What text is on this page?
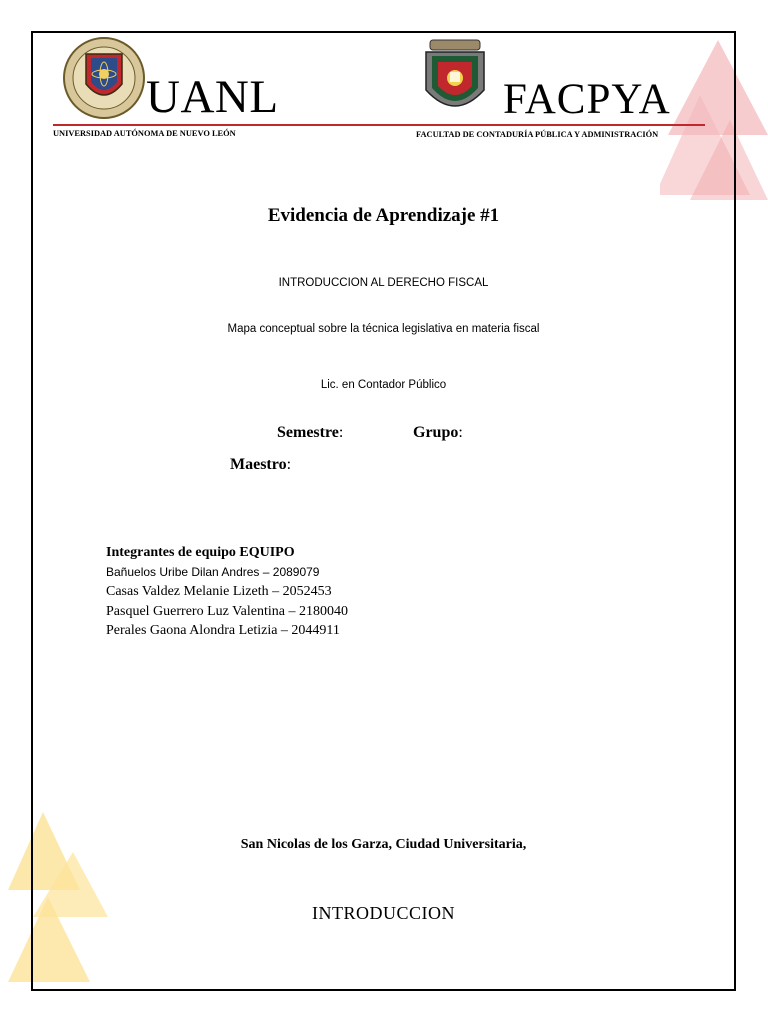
UANL
UNIVERSIDAD AUTÓNOMA DE NUEVO LEÓN
FACPYA
FACULTAD DE CONTADURÍA PÚBLICA Y ADMINISTRACIÓN
Evidencia de Aprendizaje #1
INTRODUCCION AL DERECHO FISCAL
Mapa conceptual sobre la técnica legislativa en materia fiscal
Lic. en Contador Público
Semestre:	Grupo:
Maestro:
Integrantes de equipo EQUIPO
Bañuelos Uribe Dilan Andres – 2089079
Casas Valdez Melanie Lizeth – 2052453
Pasquel Guerrero Luz Valentina – 2180040
Perales Gaona Alondra Letizia – 2044911
San Nicolas de los Garza, Ciudad Universitaria,
INTRODUCCION
